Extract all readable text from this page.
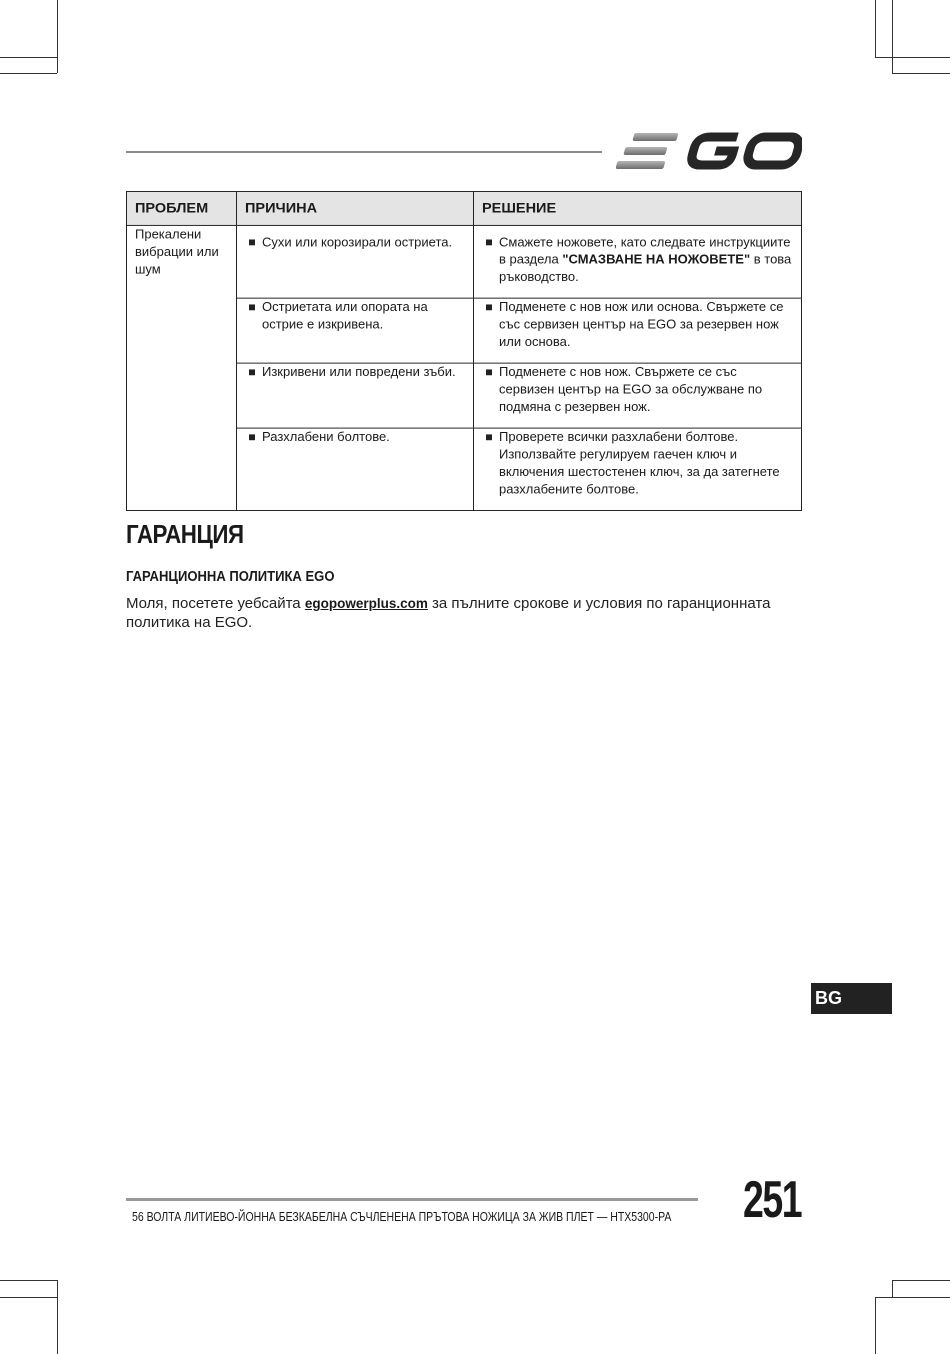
ПРОБЛЕМ	ПРИЧИНА	РЕШЕНИЕ
Прекалени вибрации или шум	Сухи или корозирали остриета.	Смажете ножовете, като следвате инструкциите в раздела "СМАЗВАНЕ НА НОЖОВЕТЕ" в това ръководство.

Остриетата или опората на острие е изкривена.	Подменете с нов нож или основа. Свържете се със сервизен център на EGO за резервен нож или основа.

Изкривени или повредени зъби.	Подменете с нов нож. Свържете се със сервизен център на EGO за обслужване по подмяна с резервен нож.

Разхлабени болтове.	Проверете всички разхлабени болтове. Използвайте регулируем гаечен ключ и включения шестостенен ключ, за да затегнете разхлабените болтове.
ГАРАНЦИЯ
ГАРАНЦИОННА ПОЛИТИКА EGO
Моля, посетете уебсайта egopowerplus.com за пълните срокове и условия по гаранционната политика на EGO.
BG
56 ВОЛТА ЛИТИЕВО-ЙОННА БЕЗКАБЕЛНА СЪЧЛЕНЕНА ПРЪТОВА НОЖИЦА ЗА ЖИВ ПЛЕТ — HTX5300-PA 251
